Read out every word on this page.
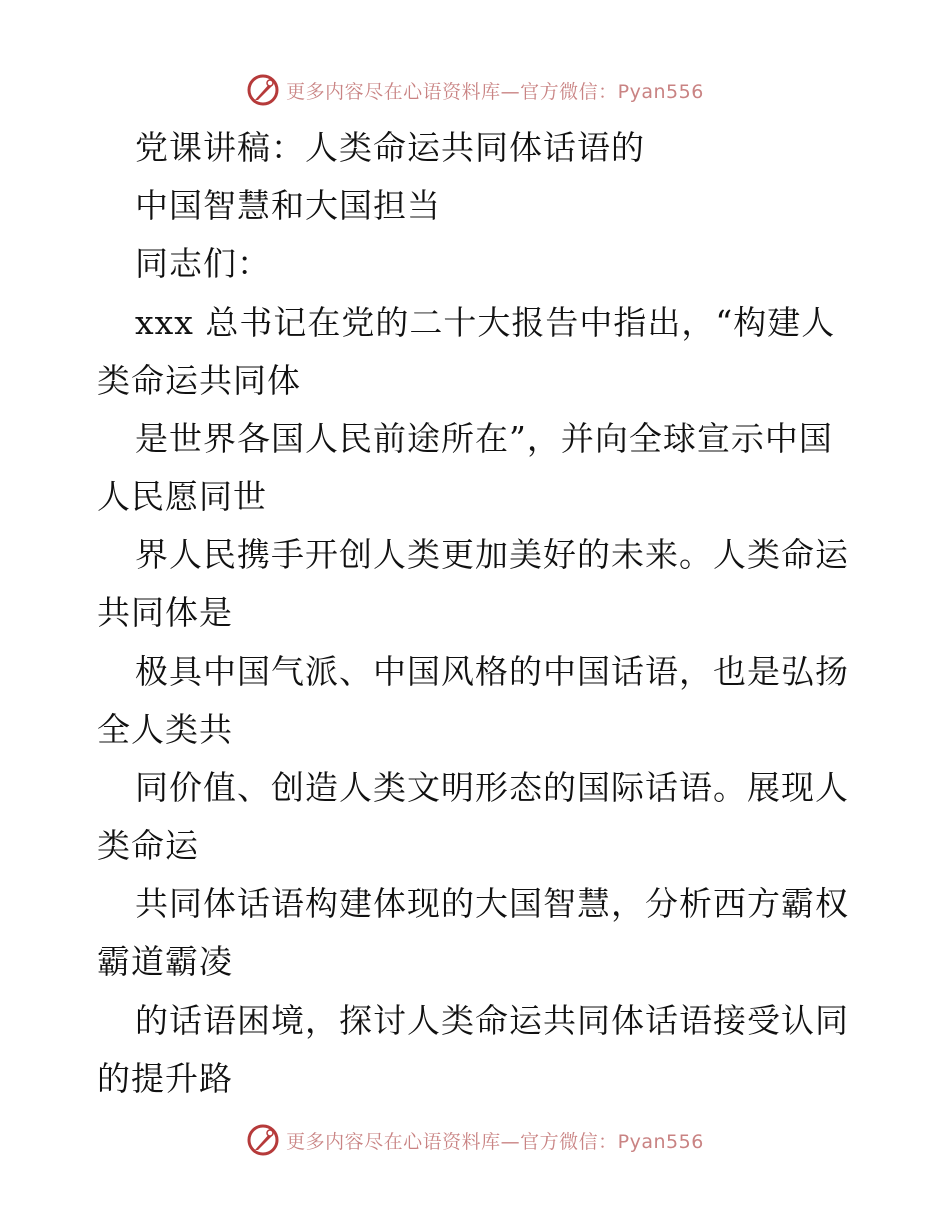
更多内容尽在心语资料库—官方微信：Pyan556
党课讲稿：人类命运共同体话语的
中国智慧和大国担当
同志们：
xxx 总书记在党的二十大报告中指出，“构建人
类命运共同体
是世界各国人民前途所在”，并向全球宣示中国
人民愿同世
界人民携手开创人类更加美好的未来。人类命运
共同体是
极具中国气派、中国风格的中国话语，也是弘扬
全人类共
同价值、创造人类文明形态的国际话语。展现人
类命运
共同体话语构建体现的大国智慧，分析西方霸权
霸道霸凌
的话语困境，探讨人类命运共同体话语接受认同
的提升路
更多内容尽在心语资料库—官方微信：Pyan556
